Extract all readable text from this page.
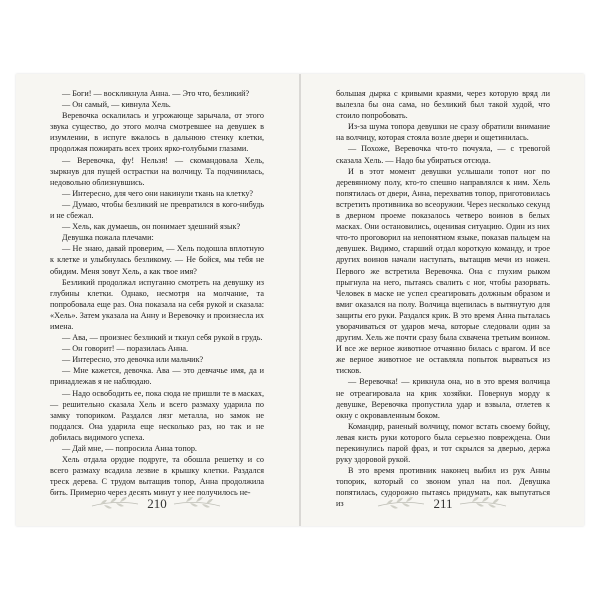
— Боги! — воскликнула Анна. — Это что, безликий?

— Он самый, — кивнула Хель.

Веревочка оскалилась и угрожающе зарычала, от этого звука существо, до этого молча смотревшее на девушек в изумлении, в испуге вжалось в дальнюю стенку клетки, продолжая пожирать всех троих ярко-голубыми глазами.

— Веревочка, фу! Нельзя! — скомандовала Хель, зыркнув для пущей острастки на волчицу. Та подчинилась, недовольно облизнувшись.

— Интересно, для чего они накинули ткань на клетку?

— Думаю, чтобы безликий не превратился в кого-нибудь и не сбежал.

— Хель, как думаешь, он понимает здешний язык?

Девушка пожала плечами:

— Не знаю, давай проверим, — Хель подошла вплотную к клетке и улыбнулась безликому. — Не бойся, мы тебя не обидим. Меня зовут Хель, а как твое имя?

Безликий продолжал испуганно смотреть на девушку из глубины клетки. Однако, несмотря на молчание, та попробовала еще раз. Она показала на себя рукой и сказала: «Хель». Затем указала на Анну и Веревочку и произнесла их имена.

— Ава, — произнес безликий и ткнул себя рукой в грудь.

— Он говорит! — поразилась Анна.

— Интересно, это девочка или мальчик?

— Мне кажется, девочка. Ава — это девчачье имя, да и принадлежав я не наблюдаю.

— Надо освободить ее, пока сюда не пришли те в масках, — решительно сказала Хель и всего размаху ударила по замку топориком. Раздался лязг металла, но замок не поддался. Она ударила еще несколько раз, но так и не добилась видимого успеха.

— Дай мне, — попросила Анна топор.

Хель отдала орудие подруге, та обошла решетку и со всего размаху всадила лезвие в крышку клетки. Раздался треск дерева. С трудом вытащив топор, Анна продолжила бить. Примерно через десять минут у нее получилось не-

210

большая дырка с кривыми краями, через которую вряд ли вылезла бы она сама, но безликий был такой худой, что стоило попробовать.

Из-за шума топора девушки не сразу обратили внимание на волчицу, которая стояла возле двери и ощетинилась.

— Похоже, Веревочка что-то почуяла, — с тревогой сказала Хель. — Надо бы убираться отсюда.

И в этот момент девушки услышали топот ног по деревянному полу, кто-то спешно направлялся к ним. Хель попятилась от двери, Анна, перехватив топор, приготовилась встретить противника во всеоружии. Через несколько секунд в дверном проеме показалось четверо воинов в белых масках. Они остановились, оценивая ситуацию. Один из них что-то проговорил на непонятном языке, показав пальцем на девушек. Видимо, старший отдал короткую команду, и трое других воинов начали наступать, вытащив мечи из ножен. Первого же встретила Веревочка. Она с глухим рыком прыгнула на него, пытаясь свалить с ног, чтобы разорвать. Человек в маске не успел среагировать должным образом и вмиг оказался на полу. Волчица вцепилась в вытянутую для защиты его руки. Раздался крик. В это время Анна пыталась уворачиваться от ударов меча, которые следовали один за другим. Хель же почти сразу была схвачена третьим воином. И все же верное животное отчаянно билась с врагом. И все же верное животное не оставляла попыток вырваться из тисков.

— Веревочка! — крикнула она, но в это время волчица не отреагировала на крик хозяйки. Повернув морду к девушке, Веревочка пропустила удар и взвыла, отлетев к окну с окровавленным боком.

Командир, раненый волчицу, помог встать своему бойцу, левая кисть руки которого была серьезно повреждена. Они перекинулись парой фраз, и тот скрылся за дверью, держа руку здоровой рукой.

В это время противник наконец выбил из рук Анны топорик, который со звоном упал на пол. Девушка попятилась, судорожно пытаясь придумать, как выпутаться из	211
